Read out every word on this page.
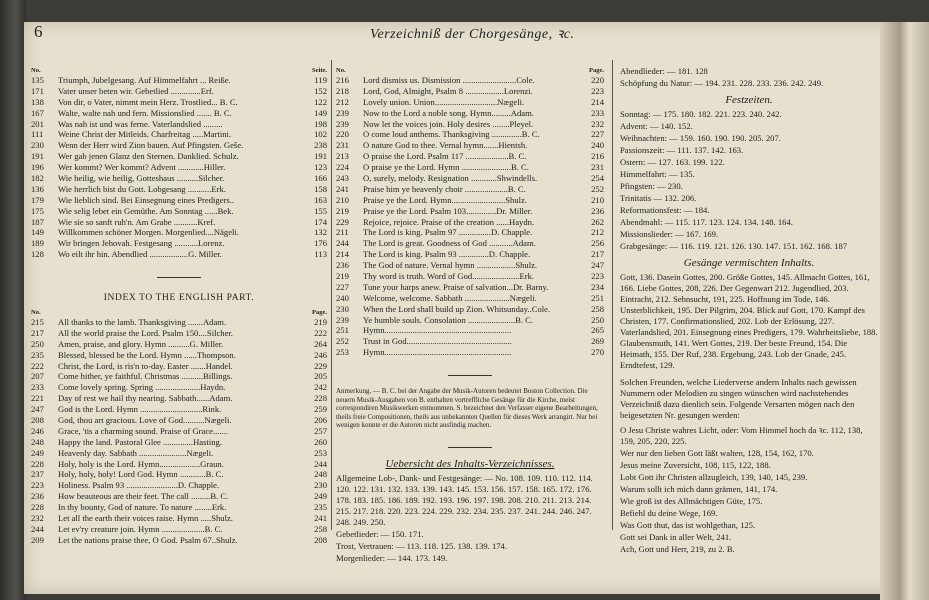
6	Verzeichniß der Chorgesänge, ꝛc.
No.	Seite.
135	Triumph, Jubelgesang. Auf Himmelfahrt ... Reiße.	119
171	Vater unser beten wir. Gebetlied ..............Erf.	152
138	Von dir, o Vater, nimmt mein Herz. Trostlied... B. C.	122
167	Walte, walte nah und fern. Missionslied ....... B. C.	149
201	Was nah ist und was ferne. Vaterlandslied .........	198
111	Weine Christ der Mitleids. Charfreitag .....Martini.	102
230	Wenn der Herr wird Zion bauen. Auf Pfingsten. Geše.	238
191	Wer gab jenen Glanz den Sternen. Danklied. Schulz.	191
196	Wer kommt? Wer kommt? Advent ............Hiller.	123
182	Wie heilig, wie heilig, Gotteshaus ..........Silcher.	166
136	Wie herrlich bist du Gott. Lobgesang ...........Erk.	158
179	Wie lieblich sind. Bei Einsegnung eines Predigers..	163
175	Wie selig lebet ein Gemüthe. Am Sonntag ......Bek.	155
187	Wie sie so sanft ruh'n. Am Grabe ...........Kref.	174
149	Willkommen schöner Morgen. Morgenlied....Nägeli.	132
189	Wir bringen Jehovah. Festgesang ...........Lorenz.	176
128	Wo eilt ihr hin. Abendlied ..................G. Miller.	113
INDEX TO THE ENGLISH PART.
No.	Page.
215	All thanks to the lamb. Thanksgiving .......Adam.	219
217	All the world praise the Lord. Psalm 150....Silcher.	222
250	Amen, praise, and glory. Hymn ..........G. Miller.	264
235	Blessed, blessed be the Lord. Hymn ......Thompson.	246
222	Christ, the Lord, is ris'n to-day. Easter .......Handel.	229
207	Come hither, ye faithful. Christmas ..........Billings.	205
233	Come lovely spring. Spring .....................Haydn.	242
221	Day of rest we hail thy nearing. Sabbath......Adam.	228
247	God is the Lord. Hymn .............................Rink.	259
208	God, thou art gracious. Love of God..........Nægeli.	206
246	Grace, 'tis a charming sound. Praise of Grace.......	257
248	Happy the land. Pastoral Glee ..............Hasting.	260
249	Heavenly day. Sabbath ......................Nægeli.	253
228	Holy, holy is the Lord. Hymn...................Graun.	244
237	Holy, holy, holy! Lord God. Hymn ............B. C.	248
223	Holiness. Psalm 93 ........................D. Chapple.	230
236	How beauteous are their feet. The call .........B. C.	249
228	In thy bounty, God of nature. To nature ........Erk.	235
232	Let all the earth their voices raise. Hymn .....Shulz.	241
244	Let ev'ry creature join. Hymn ....................B. C.	258
209	Let the nations praise thee, O God. Psalm 67..Shulz.	208
No.	Page.
216	Lord dismiss us. Dismission .........................Cole.	220
218	Lord, God, Almight, Psalm 8 ..................Lorenzi.	223
212	Lovely union. Union.............................Nægeli.	214
239	Now to the Lord a noble song. Hymn.........Adam.	233
239	Now let the voices join. Holy desires ........Pleyel.	232
220	O come loud anthems. Thanksgiving ..............B. C.	227
231	O nature God to thee. Vernal hymn.......Hientsh.	240
213	O praise the Lord. Psalm 117 ....................B. C.	216
224	O praise ye the Lord. Hymn .......................B. C.	231
243	O, surely, melody. Resignation ............Shwindells.	254
241	Praise him ye heavenly choir ....................B. C.	252
210	Praise ye the Lord. Hymn.........................Shulz.	210
219	Praise ye the Lord. Psalm 103..............Dr. Miller.	236
229	Rejoice, rejoice. Praise of the creation ......Haydn.	262
211	The Lord is king. Psalm 97 ...............D. Chapple.	212
244	The Lord is great. Goodness of God ...........Adam.	256
214	The Lord is king. Psalm 93 ..............D. Chapple.	217
236	The God of nature. Vernal hymn ..................Shulz.	247
219	Thy word is truth. Word of God......................Erk.	223
227	Tune your harps anew. Praise of salvation...Dr. Barny.	234
240	Welcome, welcome. Sabbath .....................Nægeli.	251
230	When the Lord shall build up Zion. Whitsunday..Cole.	258
239	Ye humble souls. Consolation ......................B. C.	250
251	Hymn...........................................................	265
252	Trust in God.................................................	269
253	Hymn...........................................................	270
Anmerkung. — B. C. bei der Angabe der Musik-Autoren bedeutet Boston Collection. Die neuern Musik-Ausgaben von B. enthalten vortreffliche Gesänge für die Kirche, meist correspondiren Musikwerken entnommen. S. bezeichnet den Verfasser eigene Bearbeitungen, theils freie Compositionen, theils aus unbekannten Quellen für dieses Werk arrangirt. Nur bei wenigen konnte er die Autoren nicht ausfindig machen.
Uebersicht des Inhalts-Verzeichnisses.
Allgemeine Lob-, Dank- und Festgesänge: — No. 108. 109. 110. 112. 114. 120. 122. 131. 132. 133. 139. 143. 145. 153. 156. 157. 158. 165. 172. 176. 178. 183. 185. 186. 189. 192. 193. 196. 197. 198. 208. 210. 211. 213. 214. 215. 217. 218. 220. 223. 224. 229. 232. 234. 235. 237. 241. 244. 246. 247. 248. 249. 250.
Gebetlieder: — 150. 171.
Trost, Vertrauen: — 113. 118. 125. 138. 139. 174.
Morgenlieder: — 144. 173. 149.
Abendlieder: — 181. 128
Schöpfung du Natur: — 194. 231. 228. 233. 236. 242. 249.
Festzeiten.
Sonntag: — 175. 180. 182. 221. 223. 240. 242.
Advent: — 140. 152.
Weihnachten: — 159. 160. 190. 190. 205. 207.
Passionszeit: — 111. 137. 142. 163.
Ostern: — 127. 163. 199. 122.
Himmelfahrt: — 135.
Pfingsten: — 230.
Trinitatis — 132. 206.
Reformationsfest: — 184.
Abendmahl: — 115. 117. 123. 124. 134. 148. 164.
Missionslieder: — 167. 169.
Grabgesänge: — 116. 119. 121. 126. 130. 147. 151. 162. 168. 187
Gesänge vermischten Inhalts.
Gott, 136. Dasein Gottes, 200. Größe Gottes, 145. Allmacht Gottes, 161, 166. Liebe Gottes, 208, 226. Der Gegenwart 212. Jugendlied, 203. Eintracht, 212. Sehnsucht, 191, 225. Hoffnung im Tode, 146. Unsterblichkeit, 195. Der Pilgrim, 204. Blick auf Gott, 170. Kampf des Christen, 177. Confirmationslied, 202. Lob der Erlösung, 227. Vaterlandslied, 201. Einsegnung eines Predigers, 179. Wahrheitsliebe, 188. Glaubensmuth, 141. Wert Gottes, 219. Der beste Freund, 154. Die Heimath, 155. Der Ruf, 238. Ergebung, 243. Lob der Gnade, 245. Erndtefest, 129.
Solchen Freunden, welche Liederverse andern Inhalts nach gewissen Nummern oder Melodien zu singen wünschen wird nachstehendes Verzeichniß dazu dienlich sein. Folgende Versarten mögen nach den beigesetzten Nr. gesungen werden:
O Jesu Christe wahres Licht, oder: Vom Himmel hoch da ꝛc. 112, 138, 159, 205, 220, 225.
Wer nur den lieben Gott läßt walten, 128, 154, 162, 170.
Jesus meine Zuversicht, 108, 115, 122, 188.
Lobt Gott ihr Christen allzugleich, 139, 140, 145, 239.
Warum sollt ich mich dann grämen, 141, 174.
Wie groß ist des Allmächtigen Güte, 175.
Befiehl du deine Wege, 169.
Was Gott thut, das ist wohlgethan, 125.
Gott sei Dank in aller Welt, 241.
Ach, Gott und Herr, 219, zu 2. B.
